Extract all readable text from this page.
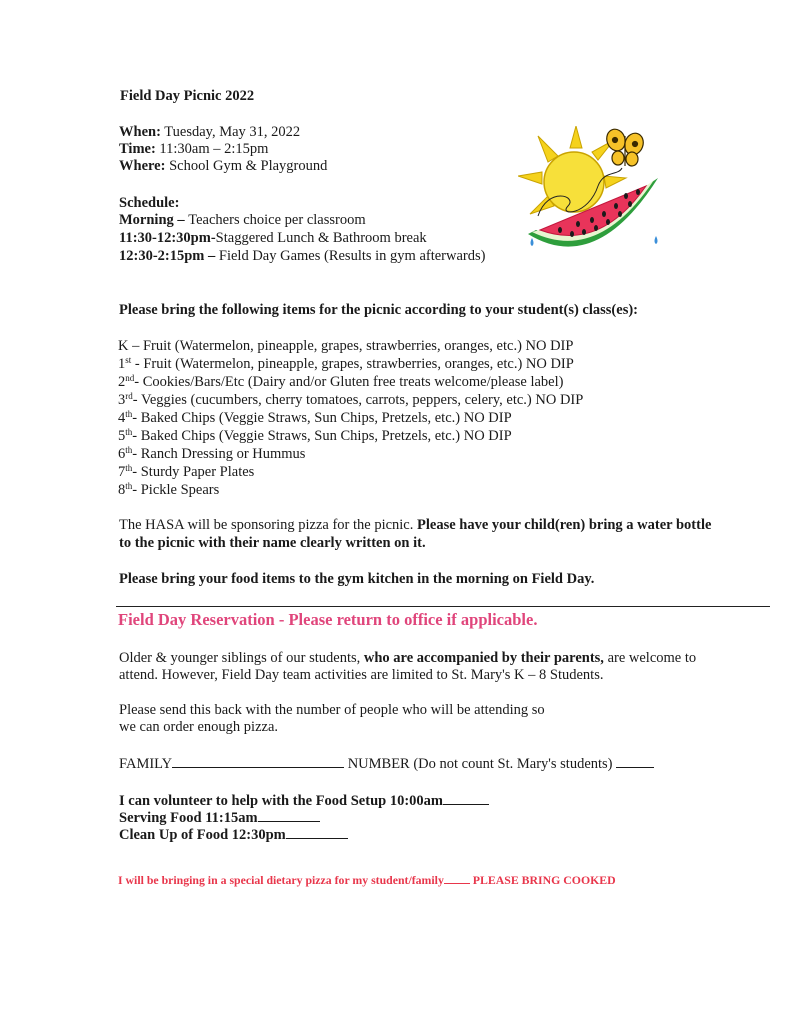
Field Day Picnic 2022
When: Tuesday, May 31, 2022
Time: 11:30am – 2:15pm
Where: School Gym & Playground
Schedule:
Morning – Teachers choice per classroom
11:30-12:30pm-Staggered Lunch & Bathroom break
12:30-2:15pm – Field Day Games (Results in gym afterwards)
Please bring the following items for the picnic according to your student(s) class(es):
K – Fruit (Watermelon, pineapple, grapes, strawberries, oranges, etc.) NO DIP
1st - Fruit (Watermelon, pineapple, grapes, strawberries, oranges, etc.) NO DIP
2nd- Cookies/Bars/Etc (Dairy and/or Gluten free treats welcome/please label)
3rd- Veggies (cucumbers, cherry tomatoes, carrots, peppers, celery, etc.) NO DIP
4th- Baked Chips (Veggie Straws, Sun Chips, Pretzels, etc.) NO DIP
5th- Baked Chips (Veggie Straws, Sun Chips, Pretzels, etc.) NO DIP
6th- Ranch Dressing or Hummus
7th- Sturdy Paper Plates
8th- Pickle Spears
The HASA will be sponsoring pizza for the picnic. Please have your child(ren) bring a water bottle
to the picnic with their name clearly written on it.
Please bring your food items to the gym kitchen in the morning on Field Day.
Field Day Reservation - Please return to office if applicable.
Older & younger siblings of our students, who are accompanied by their parents, are welcome to
attend. However, Field Day team activities are limited to St. Mary's K – 8 Students.
Please send this back with the number of people who will be attending so
we can order enough pizza.
FAMILY	NUMBER (Do not count St. Mary's students)
I can volunteer to help with the Food Setup 10:00am
Serving Food 11:15am
Clean Up of Food 12:30pm
I will be bringing in a special dietary pizza for my student/family PLEASE BRING COOKED
